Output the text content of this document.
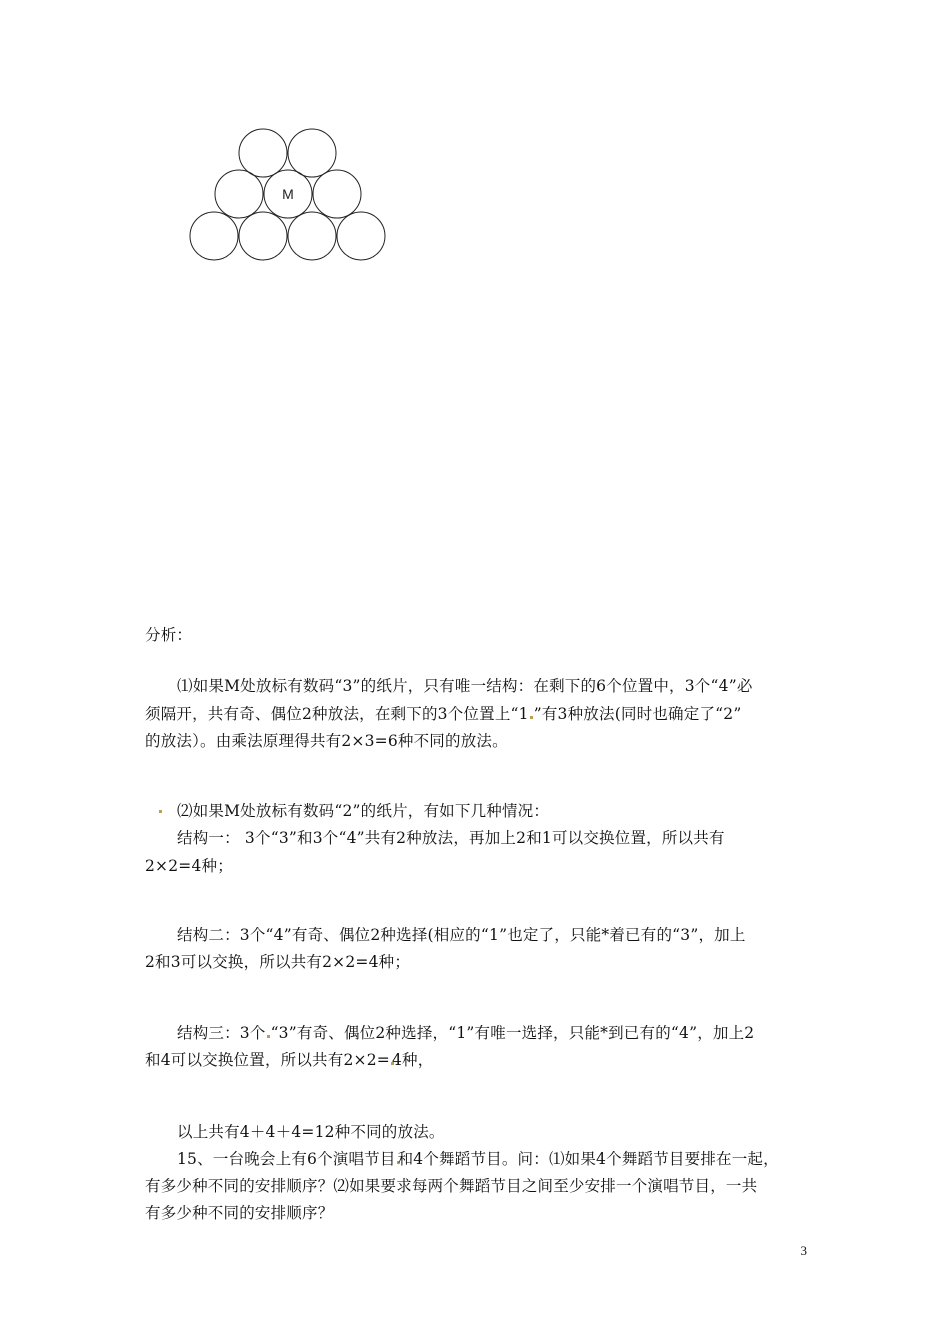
M
分析：
⑴如果M处放标有数码“3”的纸片，只有唯一结构：在剩下的6个位置中，3个“4”必
须隔开，共有奇、偶位2种放法，在剩下的3个位置上“1 ”有3种放法(同时也确定了“2”
的放法）。由乘法原理得共有2×3=6种不同的放法。
⑵如果M处放标有数码“2”的纸片，有如下几种情况：
结构一： 3个“3”和3个“4”共有2种放法，再加上2和1可以交换位置，所以共有
2×2=4种；
结构二：3个“4”有奇、偶位2种选择(相应的“1”也定了，只能*着已有的“3”，加上
2和3可以交换，所以共有2×2=4种；
结构三：3个 “3”有奇、偶位2种选择，“1”有唯一选择，只能*到已有的“4”，加上2
和4可以交换位置，所以共有2×2= 4种，
以上共有4＋4＋4=12种不同的放法。
15、一台晚会上有6个演唱节目 和4个舞蹈节目。问：⑴如果4个舞蹈节目要排在一起，
有多少种不同的安排顺序？⑵如果要求每两个舞蹈节目之间至少安排一个演唱节目，一共
有多少种不同的安排顺序？
3
